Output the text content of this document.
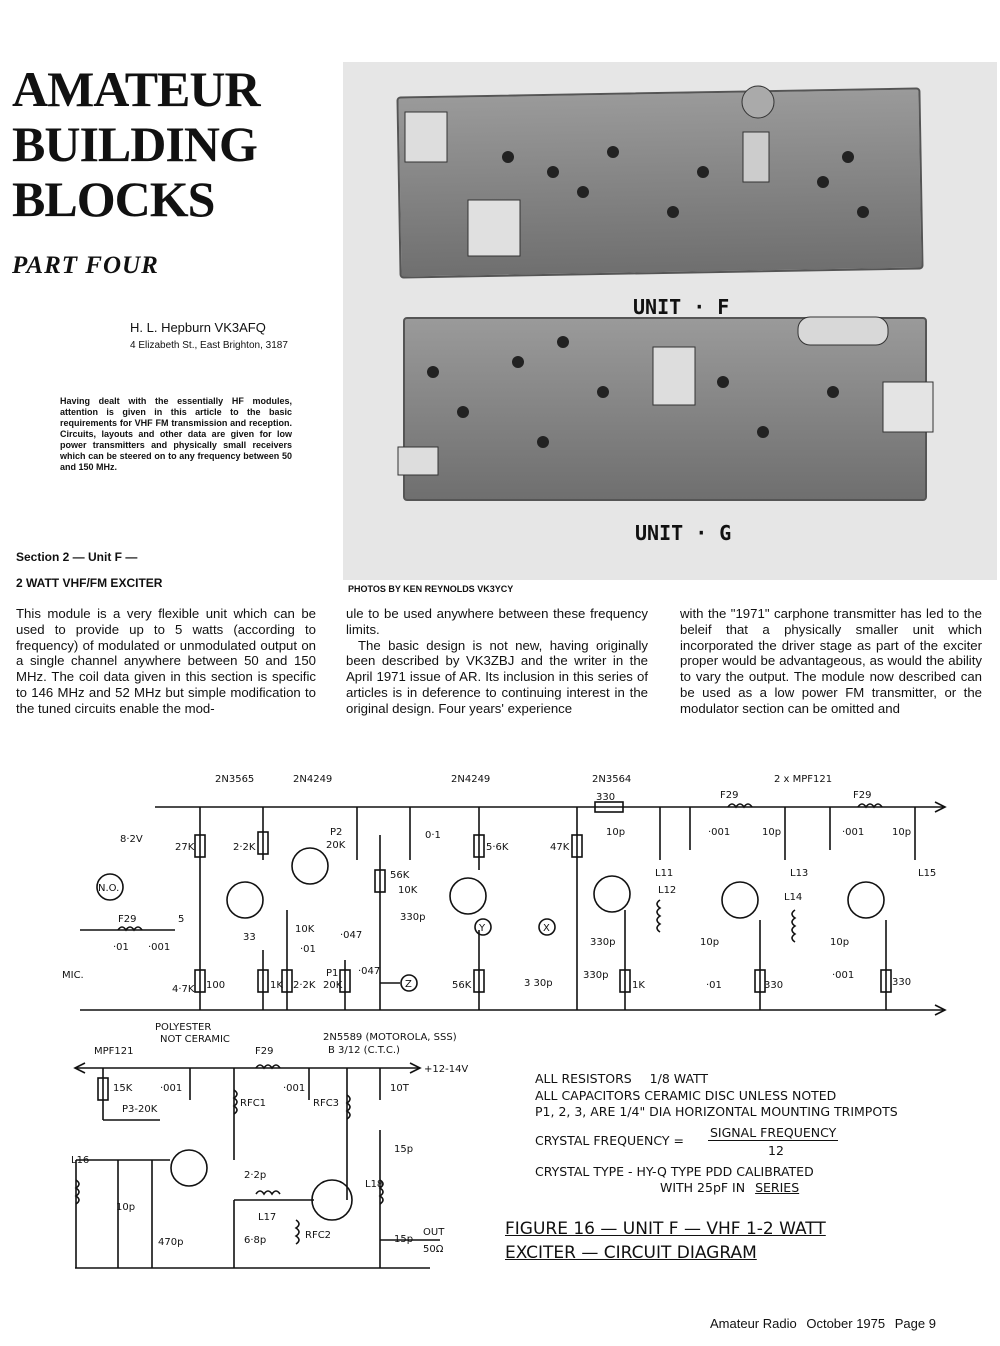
AMATEUR
BUILDING
BLOCKS
PART FOUR
H. L. Hepburn VK3AFQ
4 Elizabeth St., East Brighton, 3187
Having dealt with the essentially HF modules, attention is given in this article to the basic requirements for VHF FM transmission and reception. Circuits, layouts and other data are given for low power transmitters and physically small receivers which can be steered on to any frequency between 50 and 150 MHz.
UNIT · F
UNIT · G
PHOTOS BY KEN REYNOLDS VK3YCY
Section 2 — Unit F —
2 WATT VHF/FM EXCITER
This module is a very flexible unit which can be used to provide up to 5 watts (according to frequency) of modulated or unmodulated output on a single channel anywhere between 50 and 150 MHz. The coil data given in this section is specific to 146 MHz and 52 MHz but simple modification to the tuned circuits enable the mod-
ule to be used anywhere between these frequency limits.
The basic design is not new, having originally been described by VK3ZBJ and the writer in the April 1971 issue of AR. Its inclusion in this series of articles is in deference to continuing interest in the original design. Four years' experience
with the "1971" carphone transmitter has led to the beleif that a physically smaller unit which incorporated the driver stage as part of the exciter proper would be advantageous, as would the ability to vary the output. The module now described can be used as a low power FM transmitter, or the modulator section can be omitted and
2N3565	2N4249	2N4249	2N3564	2 x MPF121
8·2V
27K	2·2K
P2
20K
0·1
56K
10K
5·6K
330p
47K
330	F29	F29
10p	·001
L11
10p
L13
·001	10p
L15
N.O.
F29	5
·01 ·001
MIC.
33
10K
·01
·047
·047
4·7K 100	1K 2·2K
P1
20K	Z
Y	X
3 30p
56K
330p
330p
1K
L12
10p
·01	330
L14
10p
·001
330
POLYESTER
NOT CERAMIC
MPF121
2N5589 (MOTOROLA, SSS)
B 3/12 (C.T.C.)
+12-14V
F29
15K	·001
P3-20K
RFC1
·001
RFC3
10T
L16
10p
470p
2·2p
L17
6·8p	RFC2
15p
L18
15p
OUT
50Ω
ALL RESISTORS 1/8 WATT
ALL CAPACITORS CERAMIC DISC UNLESS NOTED
P1, 2, 3, ARE 1/4" DIA HORIZONTAL MOUNTING TRIMPOTS
CRYSTAL FREQUENCY =
SIGNAL FREQUENCY
12
CRYSTAL TYPE - HY-Q TYPE PDD CALIBRATED
WITH 25pF IN SERIES
FIGURE 16 — UNIT F — VHF 1-2 WATT
EXCITER — CIRCUIT DIAGRAM
Amateur Radio October 1975 Page 9
